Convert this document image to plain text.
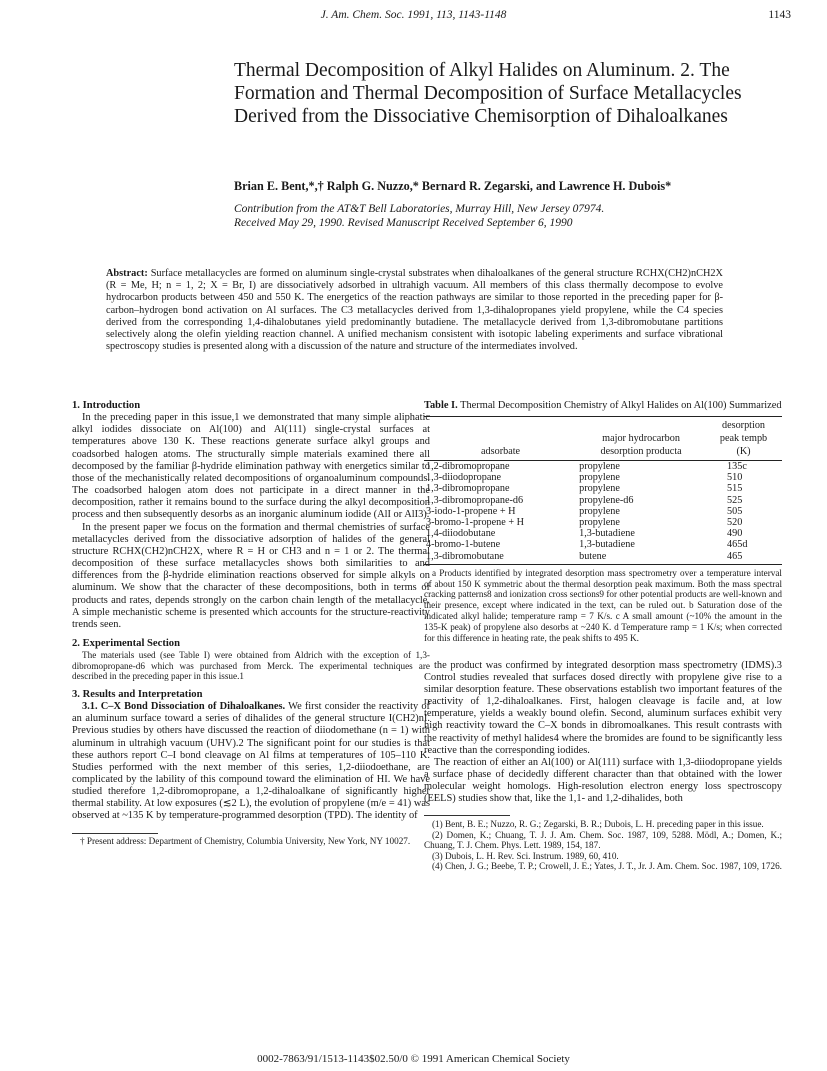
J. Am. Chem. Soc. 1991, 113, 1143-1148	1143
Thermal Decomposition of Alkyl Halides on Aluminum. 2. The Formation and Thermal Decomposition of Surface Metallacycles Derived from the Dissociative Chemisorption of Dihaloalkanes
Brian E. Bent,*,† Ralph G. Nuzzo,* Bernard R. Zegarski, and Lawrence H. Dubois*
Contribution from the AT&T Bell Laboratories, Murray Hill, New Jersey 07974.
Received May 29, 1990. Revised Manuscript Received September 6, 1990
Abstract: Surface metallacycles are formed on aluminum single-crystal substrates when dihaloalkanes of the general structure RCHX(CH2)nCH2X (R = Me, H; n = 1, 2; X = Br, I) are dissociatively adsorbed in ultrahigh vacuum. All members of this class thermally decompose to evolve hydrocarbon products between 450 and 550 K. The energetics of the reaction pathways are similar to those reported in the preceding paper for β-carbon–hydrogen bond activation on Al surfaces. The C3 metallacycles derived from 1,3-dihalopropanes yield propylene, while the C4 species derived from the corresponding 1,4-dihalobutanes yield predominantly butadiene. The metallacycle derived from 1,3-dibromobutane partitions selectively along the olefin yielding reaction channel. A unified mechanism consistent with isotopic labeling experiments and surface vibrational spectroscopy studies is presented along with a discussion of the nature and structure of the intermediates involved.

1. Introduction

In the preceding paper in this issue,1 we demonstrated that many simple aliphatic alkyl iodides dissociate on Al(100) and Al(111) single-crystal surfaces at temperatures above 130 K. These reactions generate surface alkyl groups and coadsorbed halogen atoms. The structurally simple materials examined there all decomposed by the familiar β-hydride elimination pathway with energetics similar to those of the mechanistically related decompositions of organoaluminum compounds. The coadsorbed halogen atom does not participate in a direct manner in the decomposition, rather it remains bound to the surface during the alkyl decomposition process and then subsequently desorbs as an inorganic aluminum iodide (AlI or AlI3).

In the present paper we focus on the formation and thermal chemistries of surface metallacycles derived from the dissociative adsorption of halides of the general structure RCHX(CH2)nCH2X, where R = H or CH3 and n = 1 or 2. The thermal decomposition of these surface metallacycles shows both similarities to and differences from the β-hydride elimination reactions observed for simple alkyls on aluminum. We show that the character of these decompositions, both in terms of products and rates, depends strongly on the carbon chain length of the metallacycle. A simple mechanistic scheme is presented which accounts for the structure-reactivity trends seen.

2. Experimental Section

The materials used (see Table I) were obtained from Aldrich with the exception of 1,3-dibromopropane-d6 which was purchased from Merck. The experimental techniques are described in the preceding paper in this issue.1

3. Results and Interpretation

3.1. C–X Bond Dissociation of Dihaloalkanes. We first consider the reactivity of an aluminum surface toward a series of dihalides of the general structure I(CH2)nI. Previous studies by others have discussed the reaction of diiodomethane (n = 1) with aluminum in ultrahigh vacuum (UHV).2 The significant point for our studies is that these authors report C–I bond cleavage on Al films at temperatures of 105–110 K. Studies performed with the next member of this series, 1,2-diiodoethane, are complicated by the lability of this compound toward the elimination of HI. We have studied therefore 1,2-dibromopropane, a 1,2-dihaloalkane of significantly higher thermal stability. At low exposures (≲2 L), the evolution of propylene (m/e = 41) was observed at ~135 K by temperature-programmed desorption (TPD). The identity of

† Present address: Department of Chemistry, Columbia University, New York, NY 10027.

Table I. Thermal Decomposition Chemistry of Alkyl Halides on Al(100) Summarized

		desorption
	major hydrocarbon	peak tempb
adsorbate	desorption producta	(K)
1,2-dibromopropane	propylene	135c
1,3-diiodopropane	propylene	510
1,3-dibromopropane	propylene	515
1,3-dibromopropane-d6	propylene-d6	525
3-iodo-1-propene + H	propylene	505
3-bromo-1-propene + H	propylene	520
1,4-diiodobutane	1,3-butadiene	490
4-bromo-1-butene	1,3-butadiene	465d
1,3-dibromobutane	butene	465

a Products identified by integrated desorption mass spectrometry over a temperature interval of about 150 K symmetric about the thermal desorption peak maximum. Both the mass spectral cracking patterns8 and ionization cross sections9 for other potential products are well-known and their presence, except where indicated in the text, can be ruled out. b Saturation dose of the indicated alkyl halide; temperature ramp = 7 K/s. c A small amount (~10% the amount in the 135-K peak) of propylene also desorbs at ~240 K. d Temperature ramp = 1 K/s; when corrected for this difference in heating rate, the peak shifts to 495 K.

the product was confirmed by integrated desorption mass spectrometry (IDMS).3 Control studies revealed that surfaces dosed directly with propylene give rise to a similar desorption feature. These observations establish two important features of the reactivity of 1,2-dihaloalkanes. First, halogen cleavage is facile and, at low temperature, yields a weakly bound olefin. Second, aluminum surfaces exhibit very high reactivity toward the C–X bonds in dibromoalkanes. This result contrasts with the reactivity of methyl halides4 where the bromides are found to be significantly less reactive than the corresponding iodides.

The reaction of either an Al(100) or Al(111) surface with 1,3-diiodopropane yields a surface phase of decidedly different character than that obtained with the lower molecular weight homologs. High-resolution electron energy loss spectroscopy (EELS) studies show that, like the 1,1- and 1,2-dihalides, both

(1) Bent, B. E.; Nuzzo, R. G.; Zegarski, B. R.; Dubois, L. H. preceding paper in this issue.

(2) Domen, K.; Chuang, T. J. J. Am. Chem. Soc. 1987, 109, 5288. Mödl, A.; Domen, K.; Chuang, T. J. Chem. Phys. Lett. 1989, 154, 187.

(3) Dubois, L. H. Rev. Sci. Instrum. 1989, 60, 410.

(4) Chen, J. G.; Beebe, T. P.; Crowell, J. E.; Yates, J. T., Jr. J. Am. Chem. Soc. 1987, 109, 1726.

0002-7863/91/1513-1143$02.50/0 © 1991 American Chemical Society
